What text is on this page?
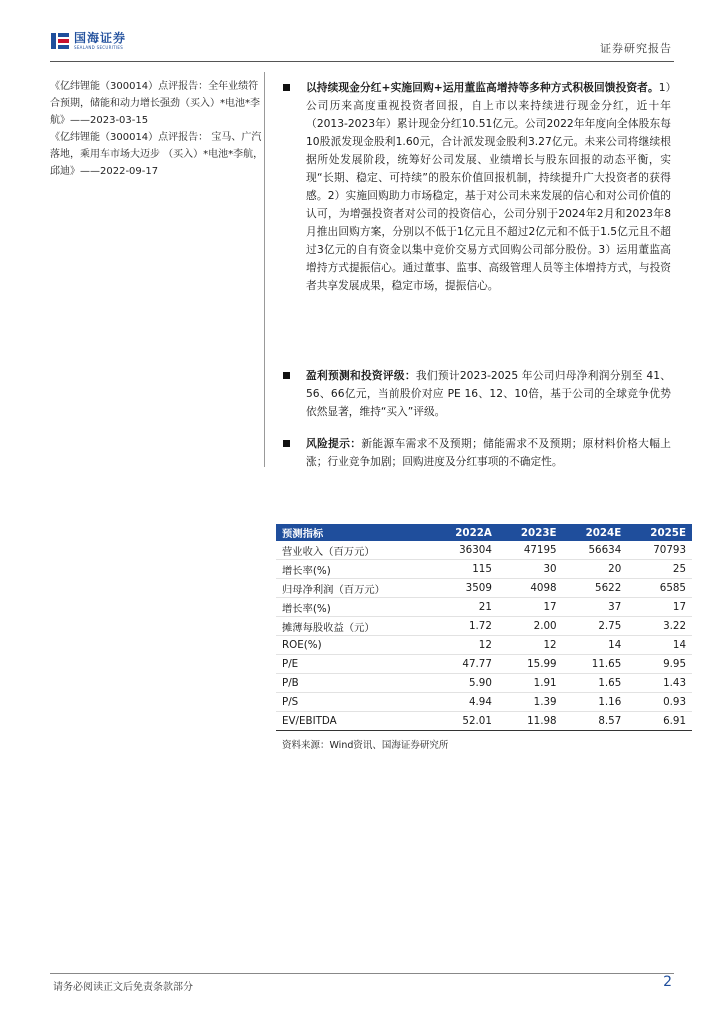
国海证券
SEALAND SECURITIES	证券研究报告

《亿纬锂能（300014）点评报告：全年业绩符合预期，储能和动力增长强劲（买入）*电池*李航》——2023-03-15

《亿纬锂能（300014）点评报告： 宝马、广汽落地，乘用车市场大迈步 （买入）*电池*李航，邱迪》——2022-09-17

以持续现金分红+实施回购+运用董监高增持等多种方式积极回馈投资者。1）公司历来高度重视投资者回报，自上市以来持续进行现金分红，近十年（2013-2023年）累计现金分红10.51亿元。公司2022年年度向全体股东每10股派发现金股利1.60元，合计派发现金股利3.27亿元。未来公司将继续根据所处发展阶段，统筹好公司发展、业绩增长与股东回报的动态平衡，实现“长期、稳定、可持续”的股东价值回报机制，持续提升广大投资者的获得感。2）实施回购助力市场稳定，基于对公司未来发展的信心和对公司价值的认可，为增强投资者对公司的投资信心，公司分别于2024年2月和2023年8月推出回购方案，分别以不低于1亿元且不超过2亿元和不低于1.5亿元且不超过3亿元的自有资金以集中竞价交易方式回购公司部分股份。3）运用董监高增持方式提振信心。通过董事、监事、高级管理人员等主体增持方式，与投资者共享发展成果，稳定市场，提振信心。
盈利预测和投资评级：我们预计2023-2025 年公司归母净利润分别至 41、56、66亿元，当前股价对应 PE 16、12、10倍，基于公司的全球竞争优势依然显著，维持“买入”评级。
风险提示：新能源车需求不及预期；储能需求不及预期；原材料价格大幅上涨；行业竞争加剧；回购进度及分红事项的不确定性。
预测指标	2022A	2023E	2024E	2025E
营业收入（百万元）	36304	47195	56634	70793
增长率(%)	115	30	20	25
归母净利润（百万元）	3509	4098	5622	6585
增长率(%)	21	17	37	17
摊薄每股收益（元）	1.72	2.00	2.75	3.22
ROE(%)	12	12	14	14
P/E	47.77	15.99	11.65	9.95
P/B	5.90	1.91	1.65	1.43
P/S	4.94	1.39	1.16	0.93
EV/EBITDA	52.01	11.98	8.57	6.91
资料来源：Wind资讯、国海证券研究所
请务必阅读正文后免责条款部分	2
